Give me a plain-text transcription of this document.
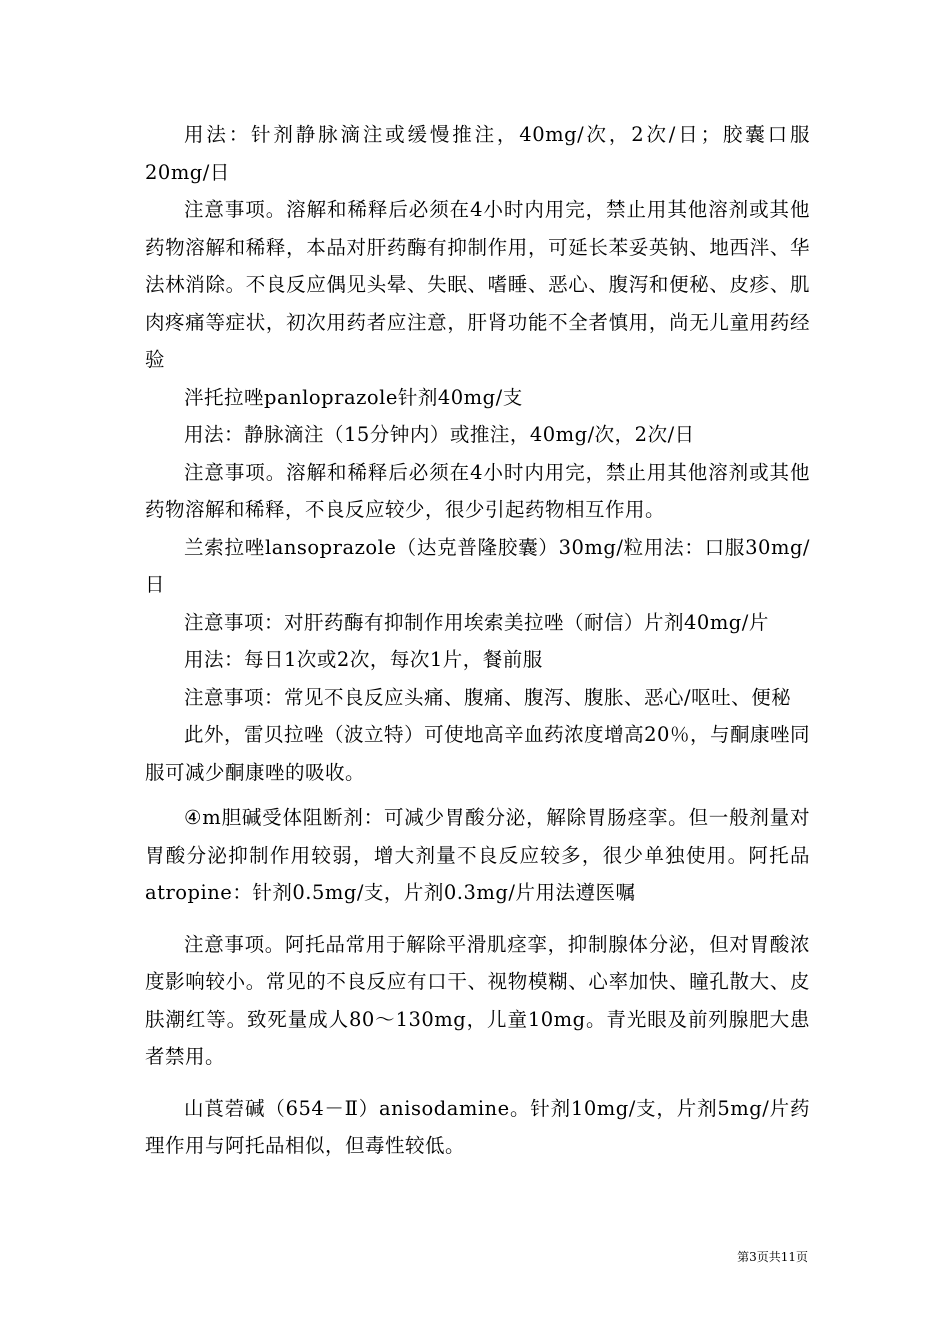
用法：针剂静脉滴注或缓慢推注，40mg/次，2次/日；胶囊口服20mg/日

注意事项。溶解和稀释后必须在4小时内用完，禁止用其他溶剂或其他药物溶解和稀释，本品对肝药酶有抑制作用，可延长苯妥英钠、地西泮、华法林消除。不良反应偶见头晕、失眠、嗜睡、恶心、腹泻和便秘、皮疹、肌肉疼痛等症状，初次用药者应注意，肝肾功能不全者慎用，尚无儿童用药经验

泮托拉唑panloprazole针剂40mg/支

用法：静脉滴注（15分钟内）或推注，40mg/次，2次/日

注意事项。溶解和稀释后必须在4小时内用完，禁止用其他溶剂或其他药物溶解和稀释，不良反应较少，很少引起药物相互作用。

兰索拉唑lansoprazole（达克普隆胶囊）30mg/粒用法：口服30mg/日

注意事项：对肝药酶有抑制作用埃索美拉唑（耐信）片剂40mg/片

用法：每日1次或2次，每次1片，餐前服

注意事项：常见不良反应头痛、腹痛、腹泻、腹胀、恶心/呕吐、便秘

此外，雷贝拉唑（波立特）可使地高辛血药浓度增高20％，与酮康唑同服可减少酮康唑的吸收。

④m胆碱受体阻断剂：可减少胃酸分泌，解除胃肠痉挛。但一般剂量对胃酸分泌抑制作用较弱，增大剂量不良反应较多，很少单独使用。阿托品atropine：针剂0.5mg/支，片剂0.3mg/片用法遵医嘱

注意事项。阿托品常用于解除平滑肌痉挛，抑制腺体分泌，但对胃酸浓度影响较小。常见的不良反应有口干、视物模糊、心率加快、瞳孔散大、皮肤潮红等。致死量成人80～130mg，儿童10mg。青光眼及前列腺肥大患者禁用。

山莨菪碱（654－Ⅱ）anisodamine。针剂10mg/支，片剂5mg/片药理作用与阿托品相似，但毒性较低。

第3页共11页
